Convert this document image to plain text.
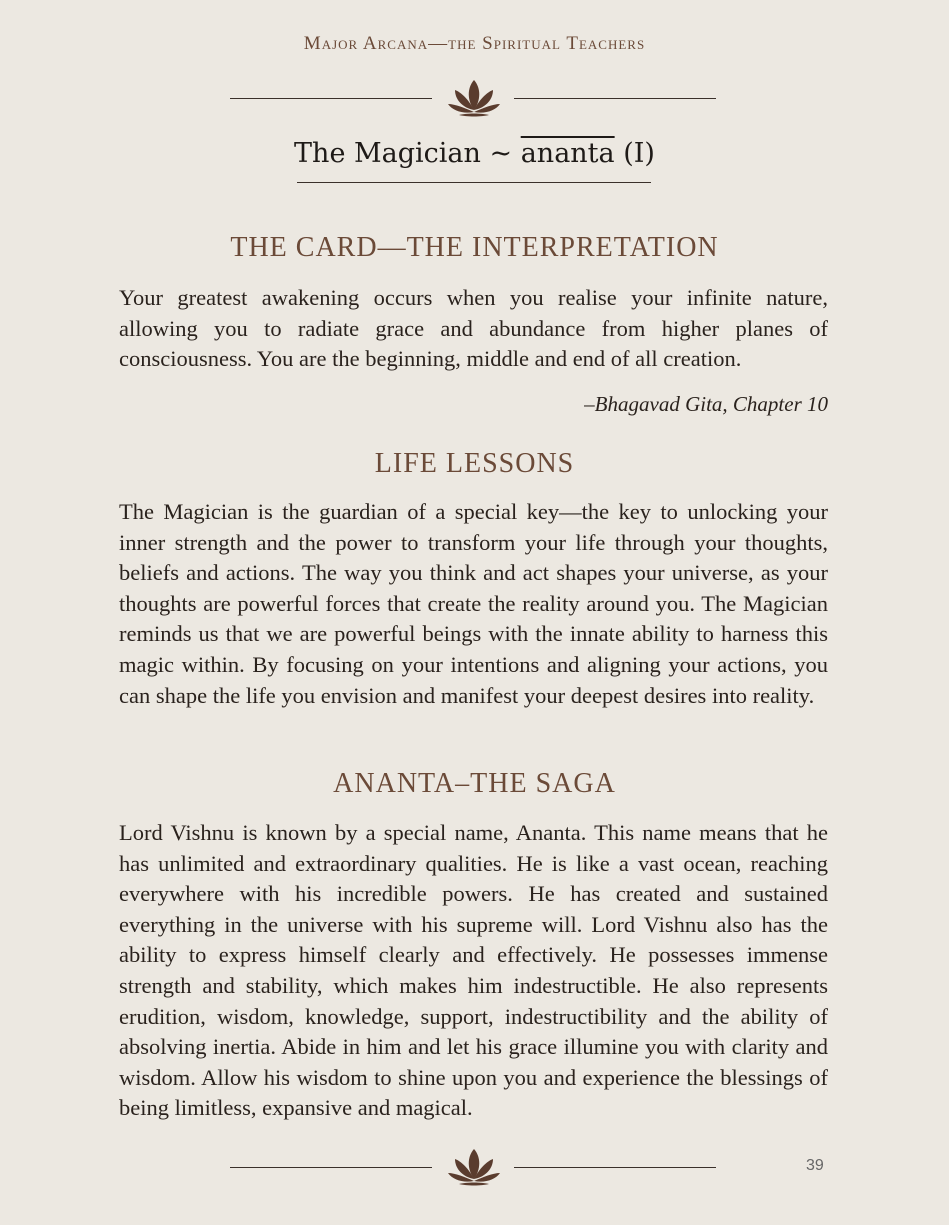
Major Arcana—the Spiritual Teachers
The Magician ~ ananta (I)
THE CARD—THE INTERPRETATION

Your greatest awakening occurs when you realise your infinite nature, allowing you to radiate grace and abundance from higher planes of consciousness. You are the beginning, middle and end of all creation.

–Bhagavad Gita, Chapter 10
LIFE LESSONS

The Magician is the guardian of a special key—the key to unlocking your inner strength and the power to transform your life through your thoughts, beliefs and actions. The way you think and act shapes your universe, as your thoughts are powerful forces that create the reality around you. The Magician reminds us that we are powerful beings with the innate ability to harness this magic within. By focusing on your intentions and aligning your actions, you can shape the life you envision and manifest your deepest desires into reality.

ANANTA–THE SAGA

Lord Vishnu is known by a special name, Ananta. This name means that he has unlimited and extraordinary qualities. He is like a vast ocean, reaching everywhere with his incredible powers. He has created and sustained everything in the universe with his supreme will. Lord Vishnu also has the ability to express himself clearly and effectively. He possesses immense strength and stability, which makes him indestructible. He also represents erudition, wisdom, knowledge, support, indestructibility and the ability of absolving inertia. Abide in him and let his grace illumine you with clarity and wisdom. Allow his wisdom to shine upon you and experience the blessings of being limitless, expansive and magical.

39
